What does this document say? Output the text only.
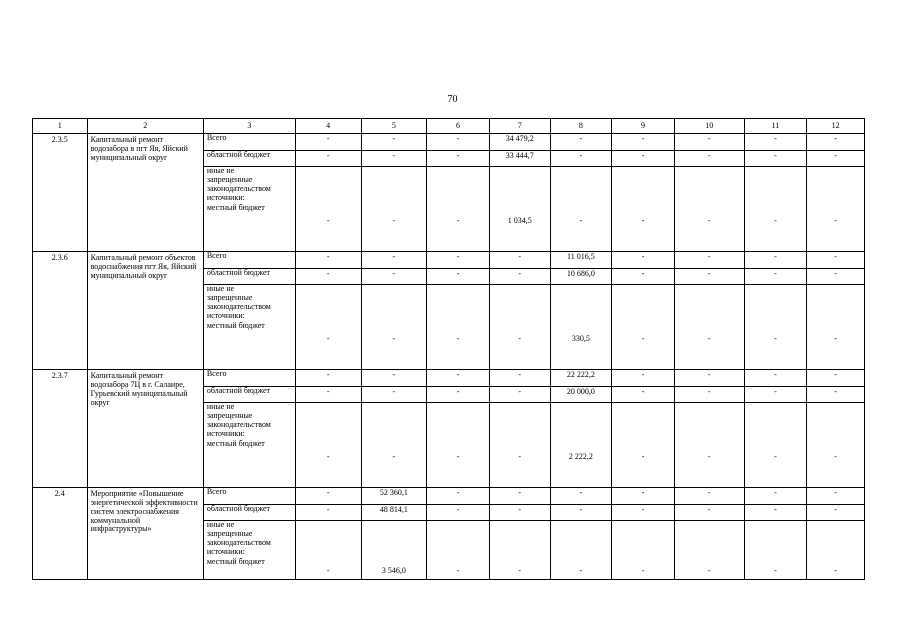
70
1	2	3	4	5	6	7	8	9	10	11	12
2.3.5	Капитальный ремонт водозабора в пгт Яя, Яйский муниципальный округ	Всего	-	-	-	34 479,2	-	-	-	-	-
		областной бюджет	-	-	-	33 444,7	-	-	-	-	-

		иные не
запрещенные
законодательством
источники:
местный бюджет	-	-	-	1 034,5	-	-	-	-	-
2.3.6	Капитальный ремонт объектов водоснабжения пгт Яя, Яйский муниципальный округ	Всего	-	-	-	-	11 016,5	-	-	-	-
		областной бюджет	-	-	-	-	10 686,0	-	-	-	-

		иные не
запрещенные
законодательством
источники:
местный бюджет	-	-	-	-	330,5	-	-	-	-
2.3.7	Капитальный ремонт водозабора 7Ц в г. Салаире, Гурьевский муниципальный округ	Всего	-	-	-	-	22 222,2	-	-	-	-
		областной бюджет	-	-	-	-	20 000,0	-	-	-	-

		иные не
запрещенные
законодательством
источники:
местный бюджет	-	-	-	-	2 222,2	-	-	-	-
2.4	Мероприятие «Повышение энергетической эффективности систем электроснабжения коммунальной инфраструктуры»	Всего	-	52 360,1	-	-	-	-	-	-	-
		областной бюджет	-	48 814,1	-	-	-	-	-	-	-

		иные не
запрещенные
законодательством
источники:
местный бюджет	-	3 546,0	-	-	-	-	-	-	-
